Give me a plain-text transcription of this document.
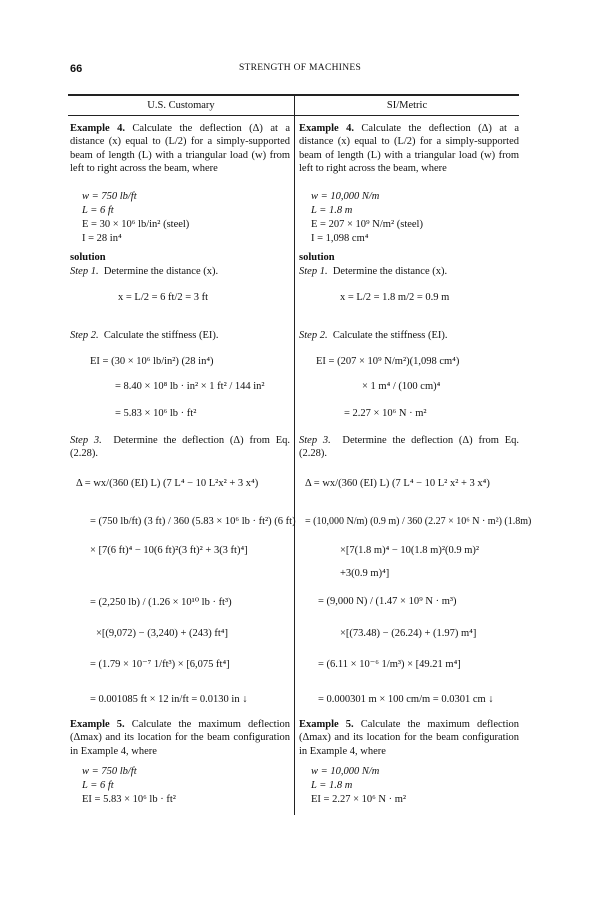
66	STRENGTH OF MACHINES
U.S. Customary	SI/Metric

Example 4. Calculate the deflection (Δ) at a distance (x) equal to (L/2) for a simply-supported beam of length (L) with a triangular load (w) from left to right across the beam, where

w = 750 lb/ft
L = 6 ft
E = 30 × 10⁶ lb/in² (steel)
I = 28 in⁴
solution
Step 1. Determine the distance (x).
x = L/2 = 6 ft/2 = 3 ft
Step 2. Calculate the stiffness (EI).
EI = (30 × 10⁶ lb/in²) (28 in⁴)
= 8.40 × 10⁸ lb · in² × 1 ft² / 144 in²
= 5.83 × 10⁶ lb · ft²

Step 3. Determine the deflection (Δ) from Eq. (2.28).

Δ = wx/(360 (EI) L) (7 L⁴ − 10 L²x² + 3 x⁴)
= (750 lb/ft) (3 ft) / 360 (5.83 × 10⁶ lb · ft²) (6 ft)
× [7(6 ft)⁴ − 10(6 ft)²(3 ft)² + 3(3 ft)⁴]
= (2,250 lb) / (1.26 × 10¹⁰ lb · ft³)
×[(9,072) − (3,240) + (243) ft⁴]
= (1.79 × 10⁻⁷ 1/ft³) × [6,075 ft⁴]
= 0.001085 ft × 12 in/ft = 0.0130 in ↓

Example 5. Calculate the maximum deflection (Δmax) and its location for the beam configuration in Example 4, where

w = 750 lb/ft
L = 6 ft
EI = 5.83 × 10⁶ lb · ft²

Example 4. Calculate the deflection (Δ) at a distance (x) equal to (L/2) for a simply-supported beam of length (L) with a triangular load (w) from left to right across the beam, where

w = 10,000 N/m
L = 1.8 m
E = 207 × 10⁹ N/m² (steel)
I = 1,098 cm⁴
solution
Step 1. Determine the distance (x).
x = L/2 = 1.8 m/2 = 0.9 m
Step 2. Calculate the stiffness (EI).
EI = (207 × 10⁹ N/m²)(1,098 cm⁴)
× 1 m⁴ / (100 cm)⁴
= 2.27 × 10⁶ N · m²

Step 3. Determine the deflection (Δ) from Eq. (2.28).

Δ = wx/(360 (EI) L) (7 L⁴ − 10 L² x² + 3 x⁴)
= (10,000 N/m) (0.9 m) / 360 (2.27 × 10⁶ N · m²) (1.8m)
×[7(1.8 m)⁴ − 10(1.8 m)²(0.9 m)²
+3(0.9 m)⁴]
= (9,000 N) / (1.47 × 10⁹ N · m³)
×[(73.48) − (26.24) + (1.97) m⁴]
= (6.11 × 10⁻⁶ 1/m³) × [49.21 m⁴]
= 0.000301 m × 100 cm/m = 0.0301 cm ↓

Example 5. Calculate the maximum deflection (Δmax) and its location for the beam configuration in Example 4, where

w = 10,000 N/m
L = 1.8 m
EI = 2.27 × 10⁶ N · m²
